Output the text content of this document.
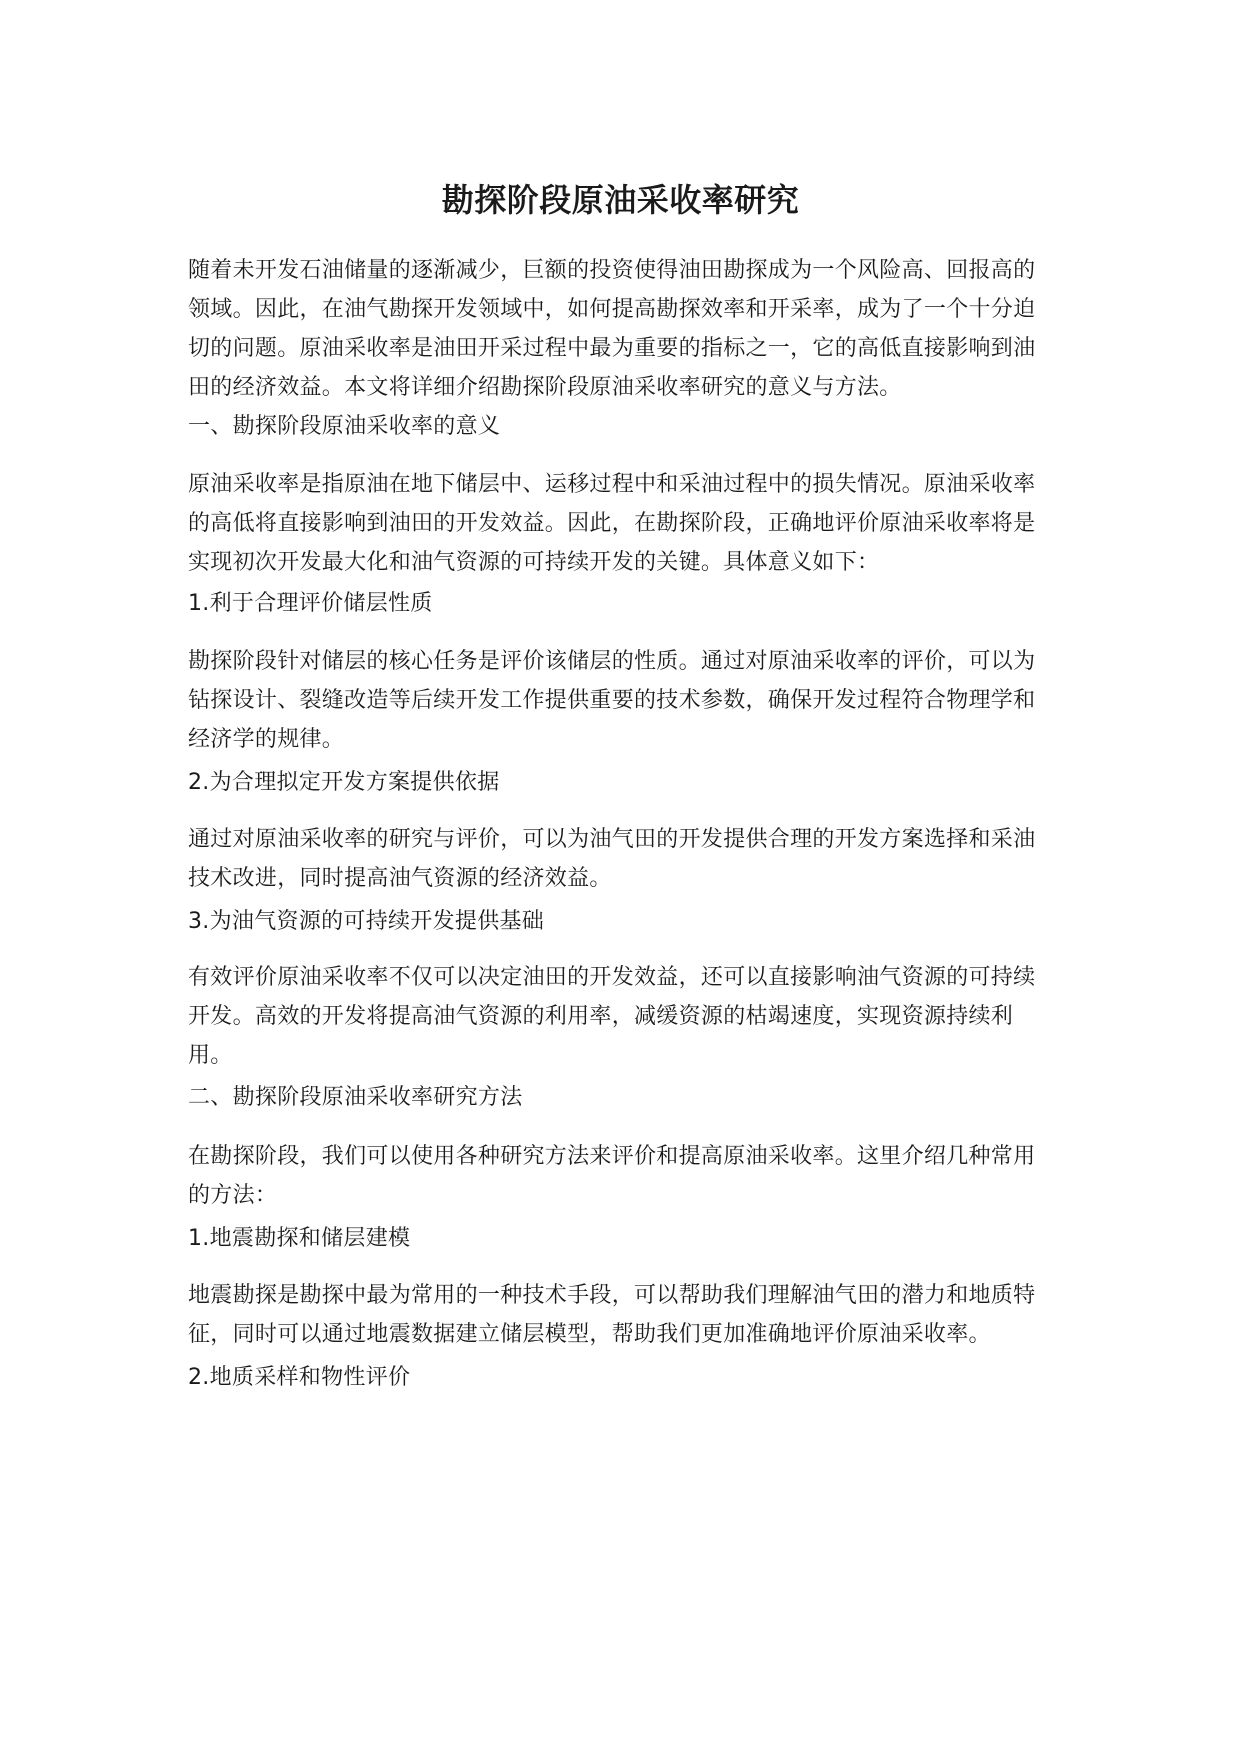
勘探阶段原油采收率研究

随着未开发石油储量的逐渐减少，巨额的投资使得油田勘探成为一个风险高、回报高的领域。因此，在油气勘探开发领域中，如何提高勘探效率和开采率，成为了一个十分迫切的问题。原油采收率是油田开采过程中最为重要的指标之一，它的高低直接影响到油田的经济效益。本文将详细介绍勘探阶段原油采收率研究的意义与方法。

一、勘探阶段原油采收率的意义

原油采收率是指原油在地下储层中、运移过程中和采油过程中的损失情况。原油采收率的高低将直接影响到油田的开发效益。因此，在勘探阶段，正确地评价原油采收率将是实现初次开发最大化和油气资源的可持续开发的关键。具体意义如下：

1.利于合理评价储层性质

勘探阶段针对储层的核心任务是评价该储层的性质。通过对原油采收率的评价，可以为钻探设计、裂缝改造等后续开发工作提供重要的技术参数，确保开发过程符合物理学和经济学的规律。

2.为合理拟定开发方案提供依据

通过对原油采收率的研究与评价，可以为油气田的开发提供合理的开发方案选择和采油技术改进，同时提高油气资源的经济效益。

3.为油气资源的可持续开发提供基础

有效评价原油采收率不仅可以决定油田的开发效益，还可以直接影响油气资源的可持续开发。高效的开发将提高油气资源的利用率，减缓资源的枯竭速度，实现资源持续利用。

二、勘探阶段原油采收率研究方法

在勘探阶段，我们可以使用各种研究方法来评价和提高原油采收率。这里介绍几种常用的方法：

1.地震勘探和储层建模

地震勘探是勘探中最为常用的一种技术手段，可以帮助我们理解油气田的潜力和地质特征，同时可以通过地震数据建立储层模型，帮助我们更加准确地评价原油采收率。

2.地质采样和物性评价
